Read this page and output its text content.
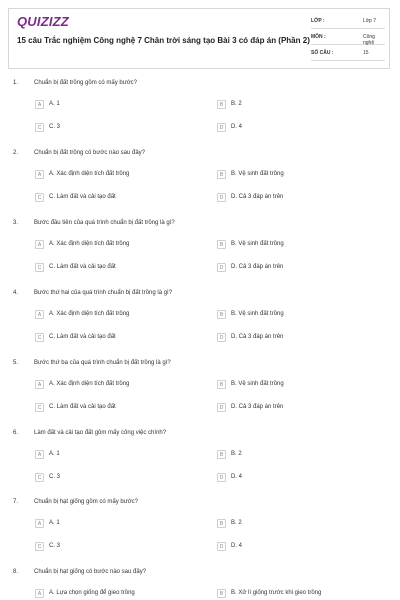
QUIZIZZ
15 câu Trắc nghiệm Công nghệ 7 Chân trời sáng tạo Bài 3 có đáp án (Phần 2)
LỚP :	Lớp 7
MÔN :	Công nghệ
SỐ CÂU :	15
1.	Chuẩn bị đất trồng gồm có mấy bước?
A	A. 1	B	B. 2
C	C. 3	D	D. 4
2.	Chuẩn bị đất trồng có bước nào sau đây?
A	A. Xác định diện tích đất trồng	B	B. Vệ sinh đất trồng
C	C. Làm đất và cải tạo đất	D	D. Cả 3 đáp án trên
3.	Bước đầu tiên của quá trình chuẩn bị đất trồng là gì?
A	A. Xác định diện tích đất trồng	B	B. Vệ sinh đất trồng
C	C. Làm đất và cải tạo đất	D	D. Cả 3 đáp án trên
4.	Bước thứ hai của quá trình chuẩn bị đất trồng là gì?
A	A. Xác định diện tích đất trồng	B	B. Vệ sinh đất trồng
C	C. Làm đất và cải tạo đất	D	D. Cả 3 đáp án trên
5.	Bước thứ ba của quá trình chuẩn bị đất trồng là gì?
A	A. Xác định diện tích đất trồng	B	B. Vệ sinh đất trồng
C	C. Làm đất và cải tạo đất	D	D. Cả 3 đáp án trên
6.	Làm đất và cải tạo đất gồm mấy công việc chính?
A	A. 1	B	B. 2
C	C. 3	D	D. 4
7.	Chuẩn bị hạt giống gồm có mấy bước?
A	A. 1	B	B. 2
C	C. 3	D	D. 4
8.	Chuẩn bị hạt giống có bước nào sau đây?
A	A. Lựa chọn giống để gieo trồng	B	B. Xử lí giống trước khi gieo trồng
